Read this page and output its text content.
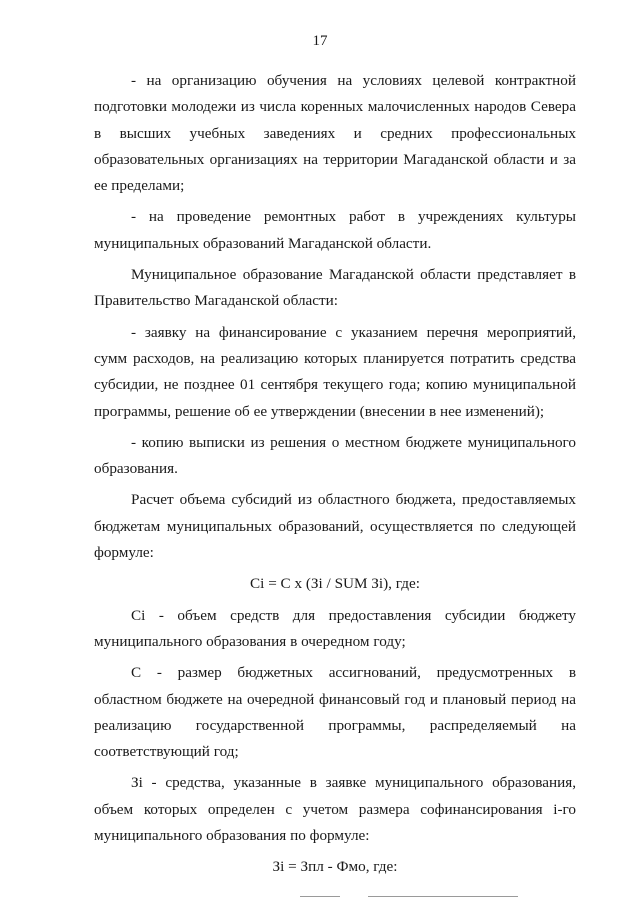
17

- на организацию обучения на условиях целевой контрактной подготовки молодежи из числа коренных малочисленных народов Севера в высших учебных заведениях и средних профессиональных образовательных организациях на территории Магаданской области и за ее пределами;

- на проведение ремонтных работ в учреждениях культуры муниципальных образований Магаданской области.

Муниципальное образование Магаданской области представляет в Правительство Магаданской области:

- заявку на финансирование с указанием перечня мероприятий, сумм расходов, на реализацию которых планируется потратить средства субсидии, не позднее 01 сентября текущего года; копию муниципальной программы, решение об ее утверждении (внесении в нее изменений);

- копию выписки из решения о местном бюджете муниципального образования.

Расчет объема субсидий из областного бюджета, предоставляемых бюджетам муниципальных образований, осуществляется по следующей формуле:

Ci = C x (Зi / SUM Зi), где:

Ci - объем средств для предоставления субсидии бюджету муниципального образования в очередном году;

С - размер бюджетных ассигнований, предусмотренных в областном бюджете на очередной финансовый год и плановый период на реализацию государственной программы, распределяемый на соответствующий год;

Зi - средства, указанные в заявке муниципального образования, объем которых определен с учетом размера софинансирования i-го муниципального образования по формуле:

Зi = Зпл - Фмо, где:
